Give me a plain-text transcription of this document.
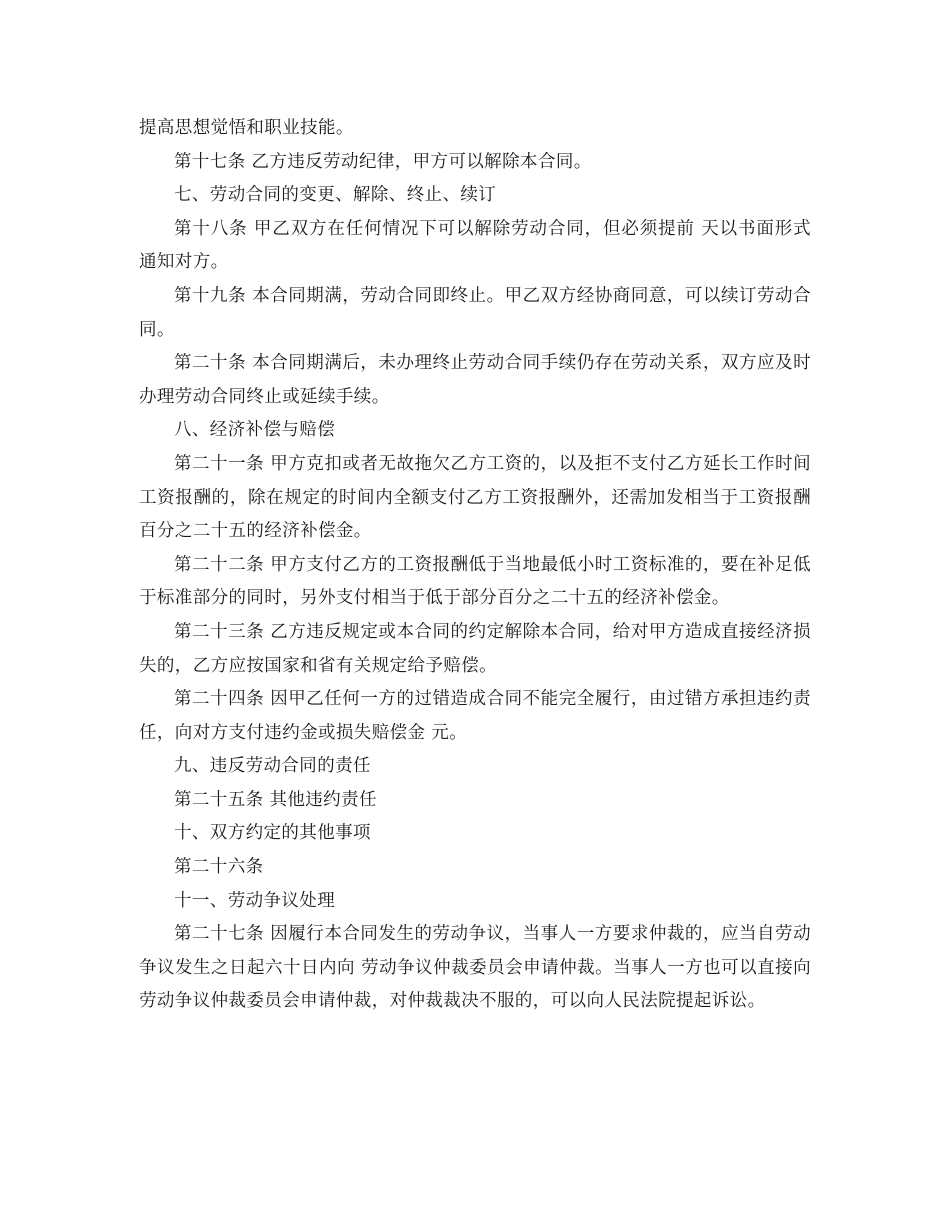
提高思想觉悟和职业技能。

第十七条 乙方违反劳动纪律，甲方可以解除本合同。

七、劳动合同的变更、解除、终止、续订

第十八条 甲乙双方在任何情况下可以解除劳动合同，但必须提前 天以书面形式通知对方。

第十九条 本合同期满，劳动合同即终止。甲乙双方经协商同意，可以续订劳动合同。

第二十条 本合同期满后，未办理终止劳动合同手续仍存在劳动关系，双方应及时办理劳动合同终止或延续手续。

八、经济补偿与赔偿

第二十一条 甲方克扣或者无故拖欠乙方工资的，以及拒不支付乙方延长工作时间工资报酬的，除在规定的时间内全额支付乙方工资报酬外，还需加发相当于工资报酬百分之二十五的经济补偿金。

第二十二条 甲方支付乙方的工资报酬低于当地最低小时工资标准的，要在补足低于标准部分的同时，另外支付相当于低于部分百分之二十五的经济补偿金。

第二十三条 乙方违反规定或本合同的约定解除本合同，给对甲方造成直接经济损失的，乙方应按国家和省有关规定给予赔偿。

第二十四条 因甲乙任何一方的过错造成合同不能完全履行，由过错方承担违约责任，向对方支付违约金或损失赔偿金 元。

九、违反劳动合同的责任

第二十五条 其他违约责任

十、双方约定的其他事项

第二十六条

十一、劳动争议处理

第二十七条 因履行本合同发生的劳动争议，当事人一方要求仲裁的，应当自劳动争议发生之日起六十日内向 劳动争议仲裁委员会申请仲裁。当事人一方也可以直接向劳动争议仲裁委员会申请仲裁，对仲裁裁决不服的，可以向人民法院提起诉讼。
